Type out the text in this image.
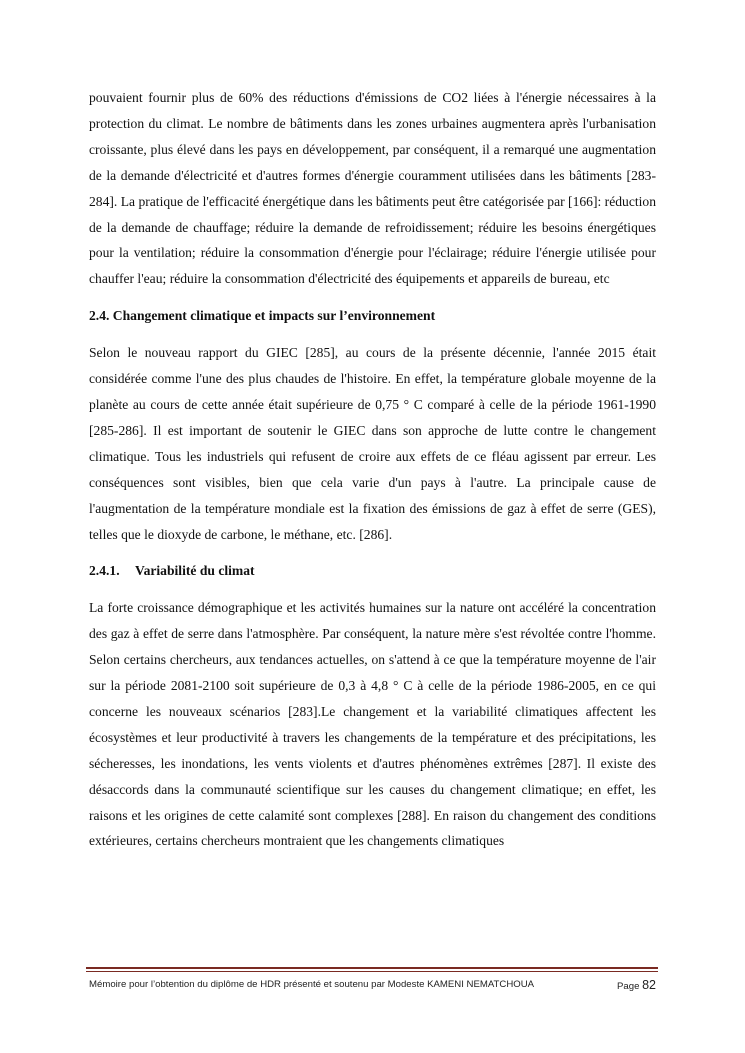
pouvaient fournir plus de 60% des réductions d'émissions de CO2 liées à l'énergie nécessaires à la protection du climat. Le nombre de bâtiments dans les zones urbaines augmentera après l'urbanisation croissante, plus élevé dans les pays en développement, par conséquent, il a remarqué une augmentation de la demande d'électricité et d'autres formes d'énergie couramment utilisées dans les bâtiments [283-284]. La pratique de l'efficacité énergétique dans les bâtiments peut être catégorisée par [166]: réduction de la demande de chauffage; réduire la demande de refroidissement; réduire les besoins énergétiques pour la ventilation; réduire la consommation d'énergie pour l'éclairage; réduire l'énergie utilisée pour chauffer l'eau; réduire la consommation d'électricité des équipements et appareils de bureau, etc

2.4. Changement climatique et impacts sur l’environnement

Selon le nouveau rapport du GIEC [285], au cours de la présente décennie, l'année 2015 était considérée comme l'une des plus chaudes de l'histoire. En effet, la température globale moyenne de la planète au cours de cette année était supérieure de 0,75 ° C comparé à celle de la période 1961-1990 [285-286]. Il est important de soutenir le GIEC dans son approche de lutte contre le changement climatique. Tous les industriels qui refusent de croire aux effets de ce fléau agissent par erreur. Les conséquences sont visibles, bien que cela varie d'un pays à l'autre. La principale cause de l'augmentation de la température mondiale est la fixation des émissions de gaz à effet de serre (GES), telles que le dioxyde de carbone, le méthane, etc. [286].

2.4.1. Variabilité du climat

La forte croissance démographique et les activités humaines sur la nature ont accéléré la concentration des gaz à effet de serre dans l'atmosphère. Par conséquent, la nature mère s'est révoltée contre l'homme. Selon certains chercheurs, aux tendances actuelles, on s'attend à ce que la température moyenne de l'air sur la période 2081-2100 soit supérieure de 0,3 à 4,8 ° C à celle de la période 1986-2005, en ce qui concerne les nouveaux scénarios [283].Le changement et la variabilité climatiques affectent les écosystèmes et leur productivité à travers les changements de la température et des précipitations, les sécheresses, les inondations, les vents violents et d'autres phénomènes extrêmes [287]. Il existe des désaccords dans la communauté scientifique sur les causes du changement climatique; en effet, les raisons et les origines de cette calamité sont complexes [288]. En raison du changement des conditions extérieures, certains chercheurs montraient que les changements climatiques

Mémoire pour l’obtention du diplôme de HDR présenté et soutenu par Modeste KAMENI NEMATCHOUA	Page 82
